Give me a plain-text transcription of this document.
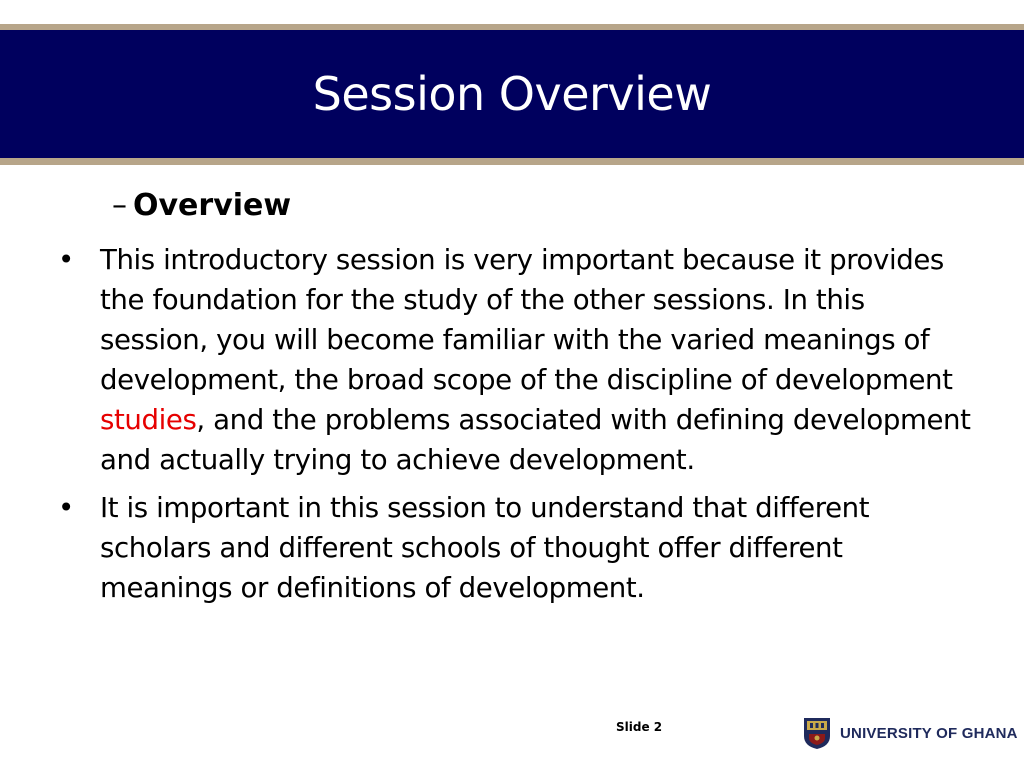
Session Overview
– Overview
• This introductory session is very important because it provides the foundation for the study of the other sessions. In this session, you will become familiar with the varied meanings of development, the broad scope of the discipline of development studies, and the problems associated with defining development and actually trying to achieve development.
• It is important in this session to understand that different scholars and different schools of thought offer different meanings or definitions of development.
Slide 2	UNIVERSITY OF GHANA
